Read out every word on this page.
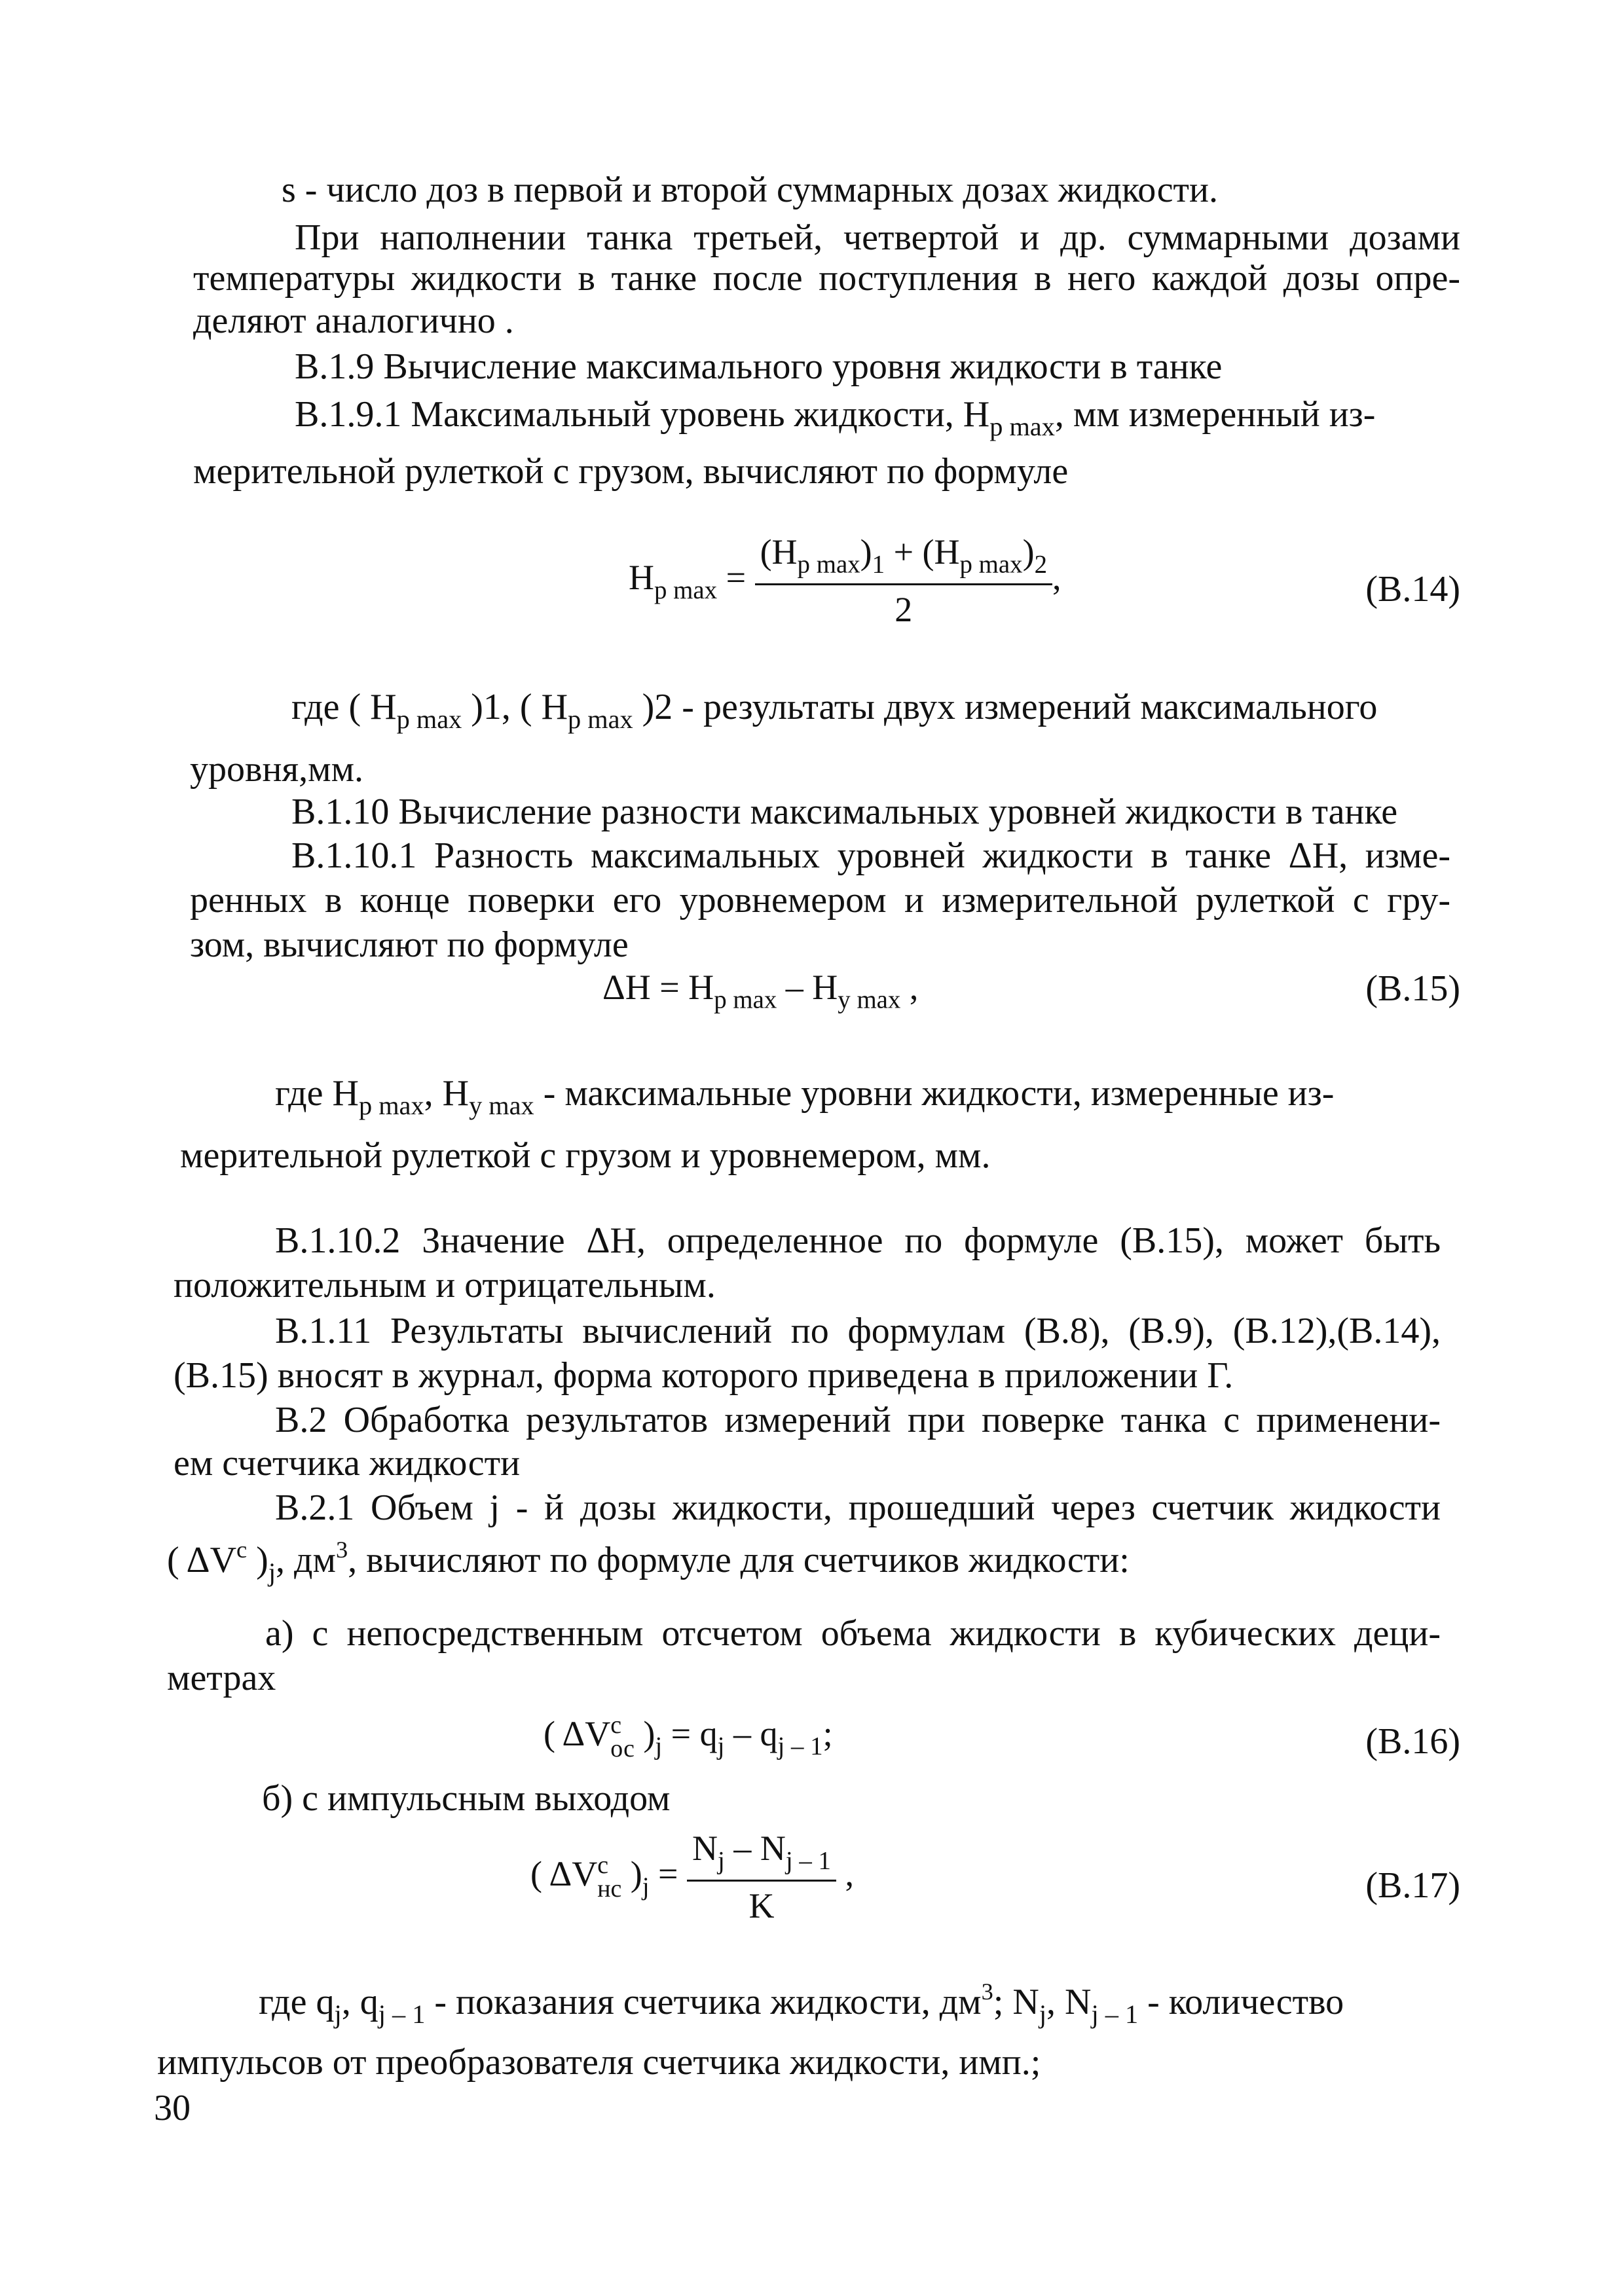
s - число доз в первой и второй суммарных дозах жидкости.
При наполнении танка третьей, четвертой и др. суммарными дозами
температуры жидкости в танке после поступления в него каждой дозы опре-
деляют аналогично .
В.1.9 Вычисление максимального уровня жидкости в танке
В.1.9.1 Максимальный уровень жидкости, $H_{p max}$, мм измеренный из-
мерительной рулеткой с грузом, вычисляют по формуле
$H_{p max} = \frac{(H_{p max})_1 + (H_{p max})_2}{2}$ ,	(В.14)
где ( $H_{p max}$ )1, ( $H_{p max}$ )2 - результаты двух измерений максимального
уровня,мм.
В.1.10 Вычисление разности максимальных уровней жидкости в танке
В.1.10.1 Разность максимальных уровней жидкости в танке ΔH, изме-
ренных в конце поверки его уровнемером и измерительной рулеткой с гру-
зом, вычисляют по формуле
$\Delta H = H_{p max} - H_{y max}$ ,	(В.15)
где $H_{p max}$, $H_{y max}$ - максимальные уровни жидкости, измеренные из-
мерительной рулеткой с грузом и уровнемером, мм.
В.1.10.2 Значение ΔH, определенное по формуле (В.15), может быть
положительным и отрицательным.
В.1.11 Результаты вычислений по формулам (В.8), (В.9), (В.12),(В.14),
(В.15) вносят в журнал, форма которого приведена в приложении Г.
В.2 Обработка результатов измерений при поверке танка с применени-
ем счетчика жидкости
В.2.1 Объем j - й дозы жидкости, прошедший через счетчик жидкости
( $\Delta V^c$ )$_j$, $дм^3$, вычисляют по формуле для счетчиков жидкости:
а) с непосредственным отсчетом объема жидкости в кубических деци-
метрах
( ΔV c
ос )$_j = q_j - q_{j - 1}$;	(В.16)
б) с импульсным выходом
( ΔV c
нс )$_j = \frac{N_j - N_{j - 1}}{K}$ ,	(В.17)
где $q_j$, $q_{j - 1}$ - показания счетчика жидкости, $дм^3$; $N_j$, $N_{j - 1}$ - количество
импульсов от преобразователя счетчика жидкости, имп.;
30
